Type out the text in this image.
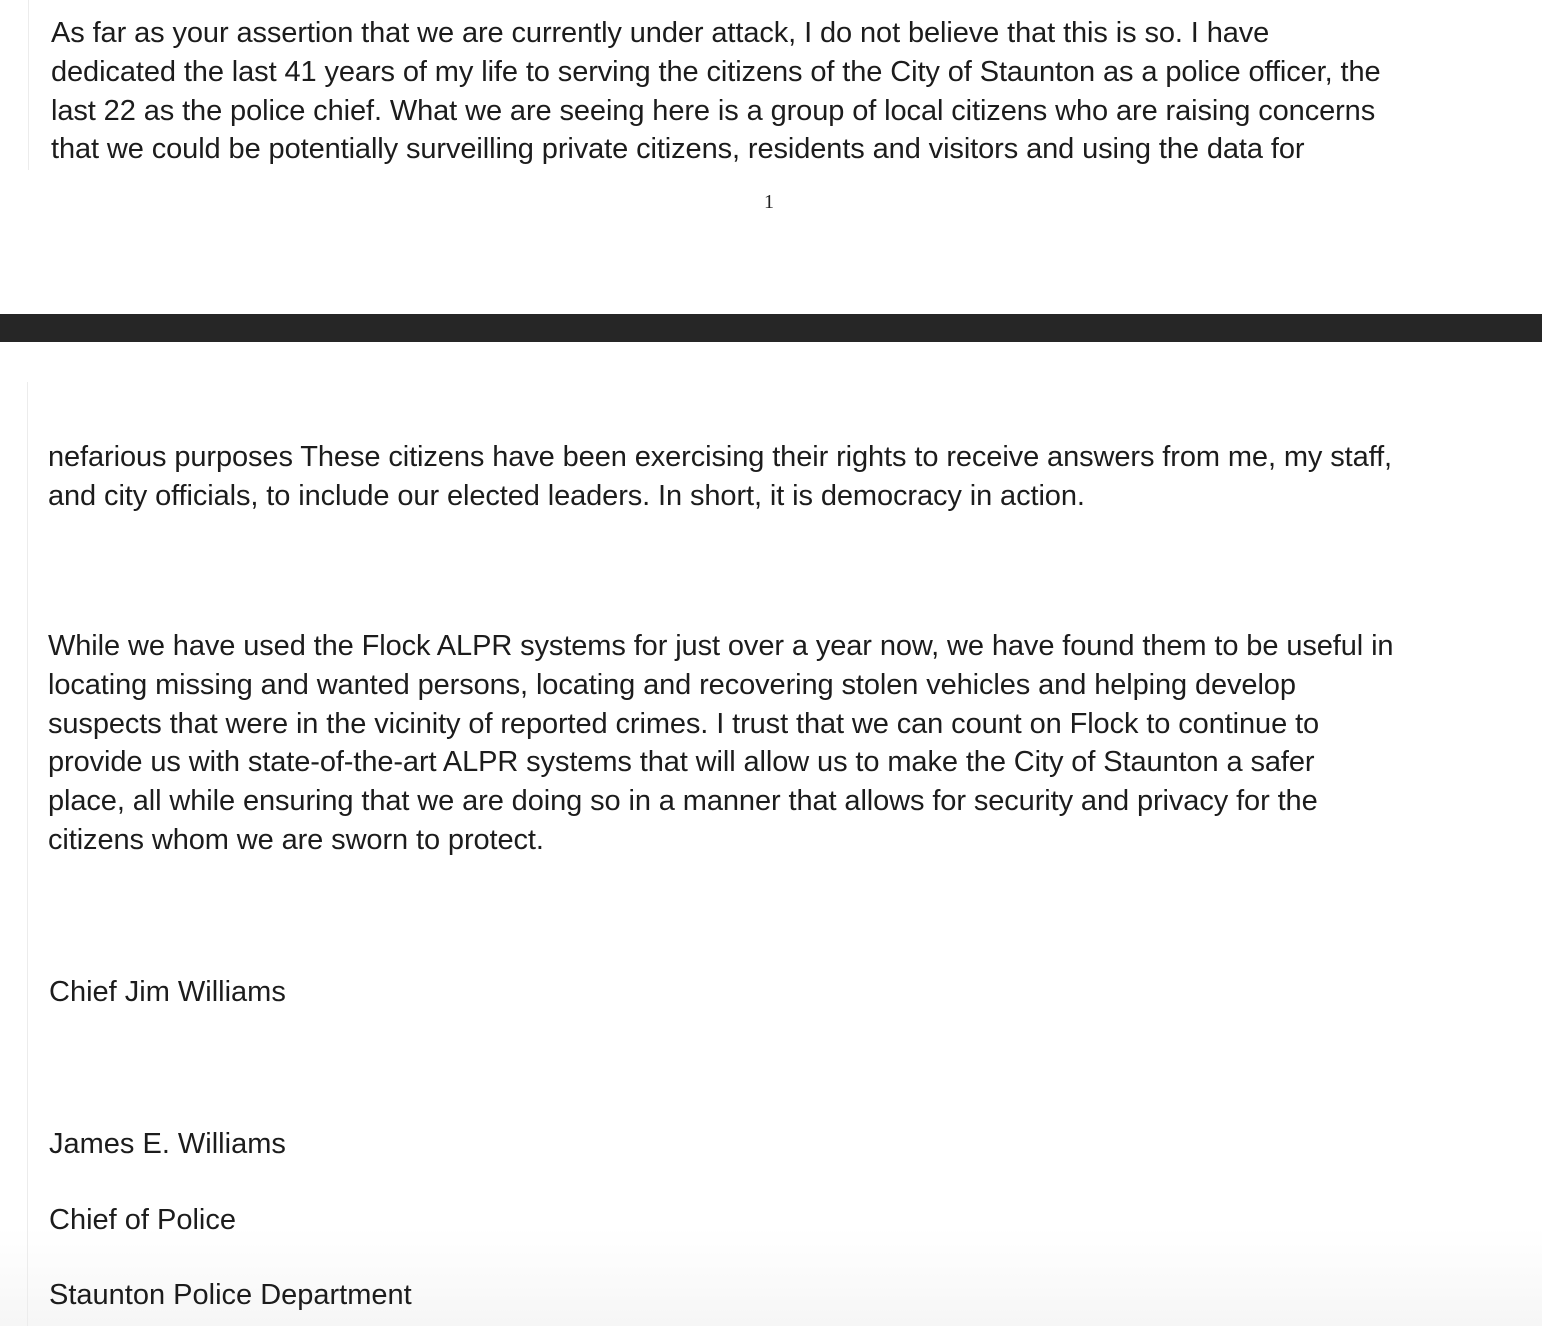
As far as your assertion that we are currently under attack, I do not believe that this is so. I have
dedicated the last 41 years of my life to serving the citizens of the City of Staunton as a police officer, the
last 22 as the police chief. What we are seeing here is a group of local citizens who are raising concerns
that we could be potentially surveilling private citizens, residents and visitors and using the data for

1

nefarious purposes These citizens have been exercising their rights to receive answers from me, my staff,
and city officials, to include our elected leaders. In short, it is democracy in action.

While we have used the Flock ALPR systems for just over a year now, we have found them to be useful in
locating missing and wanted persons, locating and recovering stolen vehicles and helping develop
suspects that were in the vicinity of reported crimes. I trust that we can count on Flock to continue to
provide us with state-of-the-art ALPR systems that will allow us to make the City of Staunton a safer
place, all while ensuring that we are doing so in a manner that allows for security and privacy for the
citizens whom we are sworn to protect.

Chief Jim Williams

James E. Williams

Chief of Police

Staunton Police Department
